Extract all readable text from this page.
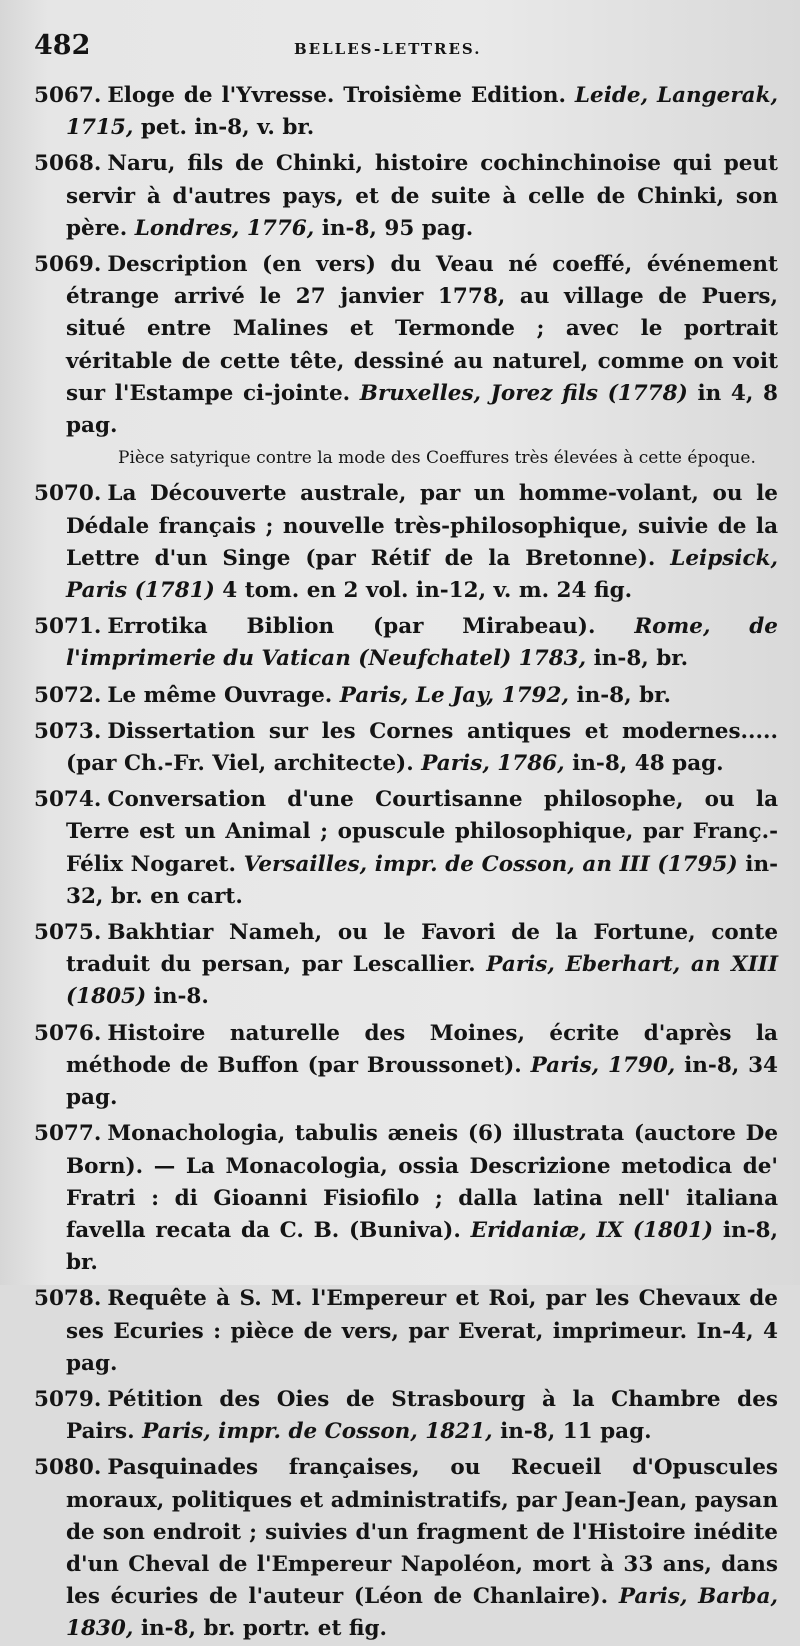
482	BELLES-LETTRES.

5067. Eloge de l'Yvresse. Troisième Edition. Leide, Langerak, 1715, pet. in-8, v. br.

5068. Naru, fils de Chinki, histoire cochinchinoise qui peut servir à d'autres pays, et de suite à celle de Chinki, son père. Londres, 1776, in-8, 95 pag.

5069. Description (en vers) du Veau né coeffé, événement étrange arrivé le 27 janvier 1778, au village de Puers, situé entre Malines et Termonde ; avec le portrait véritable de cette tête, dessiné au naturel, comme on voit sur l'Estampe ci-jointe. Bruxelles, Jorez fils (1778) in 4, 8 pag.
Pièce satyrique contre la mode des Coeffures très élevées à cette époque.

5070. La Découverte australe, par un homme-volant, ou le Dédale français ; nouvelle très-philosophique, suivie de la Lettre d'un Singe (par Rétif de la Bretonne). Leipsick, Paris (1781) 4 tom. en 2 vol. in-12, v. m. 24 fig.

5071. Errotika Biblion (par Mirabeau). Rome, de l'imprimerie du Vatican (Neufchatel) 1783, in-8, br.

5072. Le même Ouvrage. Paris, Le Jay, 1792, in-8, br.

5073. Dissertation sur les Cornes antiques et modernes..... (par Ch.-Fr. Viel, architecte). Paris, 1786, in-8, 48 pag.

5074. Conversation d'une Courtisanne philosophe, ou la Terre est un Animal ; opuscule philosophique, par Franç.-Félix Nogaret. Versailles, impr. de Cosson, an III (1795) in-32, br. en cart.

5075. Bakhtiar Nameh, ou le Favori de la Fortune, conte traduit du persan, par Lescallier. Paris, Eberhart, an XIII (1805) in-8.

5076. Histoire naturelle des Moines, écrite d'après la méthode de Buffon (par Broussonet). Paris, 1790, in-8, 34 pag.

5077. Monachologia, tabulis æneis (6) illustrata (auctore De Born). — La Monacologia, ossia Descrizione metodica de' Fratri : di Gioanni Fisiofilo ; dalla latina nell' italiana favella recata da C. B. (Buniva). Eridaniæ, IX (1801) in-8, br.

5078. Requête à S. M. l'Empereur et Roi, par les Chevaux de ses Ecuries : pièce de vers, par Everat, imprimeur. In-4, 4 pag.

5079. Pétition des Oies de Strasbourg à la Chambre des Pairs. Paris, impr. de Cosson, 1821, in-8, 11 pag.

5080. Pasquinades françaises, ou Recueil d'Opuscules moraux, politiques et administratifs, par Jean-Jean, paysan de son endroit ; suivies d'un fragment de l'Histoire inédite d'un Cheval de l'Empereur Napoléon, mort à 33 ans, dans les écuries de l'auteur (Léon de Chanlaire). Paris, Barba, 1830, in-8, br. portr. et fig.
